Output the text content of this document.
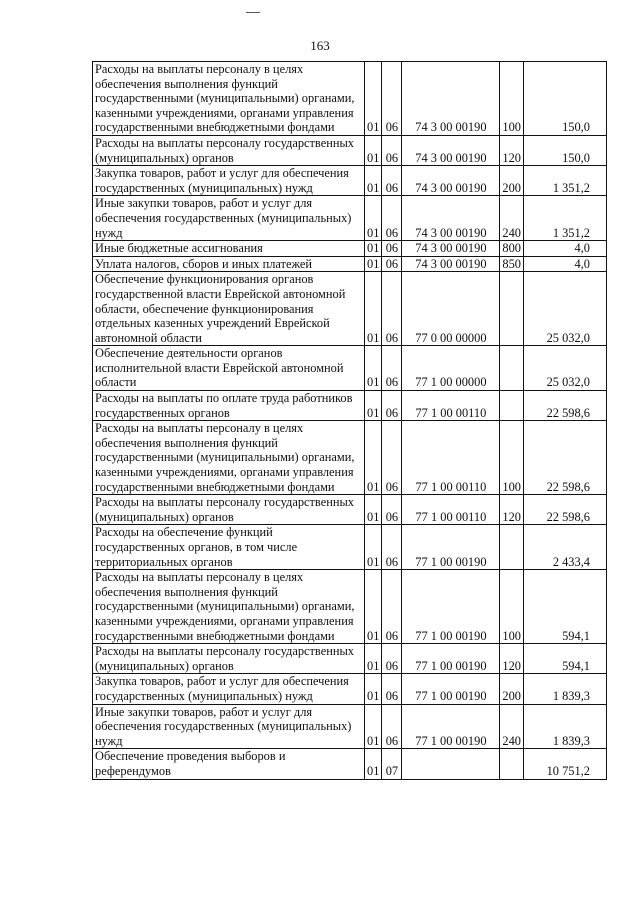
163
Расходы на выплаты персоналу в целях обеспечения выполнения функций государственными (муниципальными) органами, казенными учреждениями, органами управления государственными внебюджетными фондами	01	06	74 3 00 00190	100	150,0
Расходы на выплаты персоналу государственных (муниципальных) органов	01	06	74 3 00 00190	120	150,0
Закупка товаров, работ и услуг для обеспечения государственных (муниципальных) нужд	01	06	74 3 00 00190	200	1 351,2
Иные закупки товаров, работ и услуг для обеспечения государственных (муниципальных) нужд	01	06	74 3 00 00190	240	1 351,2
Иные бюджетные ассигнования	01	06	74 3 00 00190	800	4,0
Уплата налогов, сборов и иных платежей	01	06	74 3 00 00190	850	4,0
Обеспечение функционирования органов государственной власти Еврейской автономной области, обеспечение функционирования отдельных казенных учреждений Еврейской автономной области	01	06	77 0 00 00000		25 032,0
Обеспечение деятельности органов исполнительной власти Еврейской автономной области	01	06	77 1 00 00000		25 032,0
Расходы на выплаты по оплате труда работников государственных органов	01	06	77 1 00 00110		22 598,6
Расходы на выплаты персоналу в целях обеспечения выполнения функций государственными (муниципальными) органами, казенными учреждениями, органами управления государственными внебюджетными фондами	01	06	77 1 00 00110	100	22 598,6
Расходы на выплаты персоналу государственных (муниципальных) органов	01	06	77 1 00 00110	120	22 598,6
Расходы на обеспечение функций государственных органов, в том числе территориальных органов	01	06	77 1 00 00190		2 433,4
Расходы на выплаты персоналу в целях обеспечения выполнения функций государственными (муниципальными) органами, казенными учреждениями, органами управления государственными внебюджетными фондами	01	06	77 1 00 00190	100	594,1
Расходы на выплаты персоналу государственных (муниципальных) органов	01	06	77 1 00 00190	120	594,1
Закупка товаров, работ и услуг для обеспечения государственных (муниципальных) нужд	01	06	77 1 00 00190	200	1 839,3
Иные закупки товаров, работ и услуг для обеспечения государственных (муниципальных) нужд	01	06	77 1 00 00190	240	1 839,3
Обеспечение проведения выборов и референдумов	01	07			10 751,2
